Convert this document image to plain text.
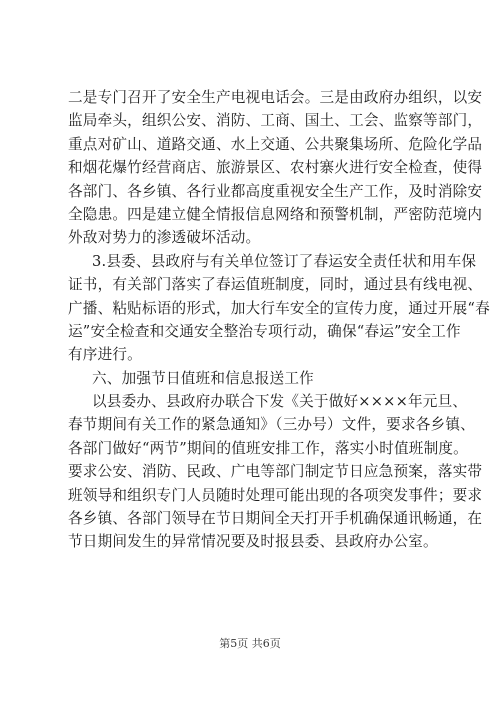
二是专门召开了安全生产电视电话会。三是由政府办组织，以安
监局牵头，组织公安、消防、工商、国土、工会、监察等部门，
重点对矿山、道路交通、水上交通、公共聚集场所、危险化学品
和烟花爆竹经营商店、旅游景区、农村寨火进行安全检查，使得
各部门、各乡镇、各行业都高度重视安全生产工作，及时消除安
全隐患。四是建立健全情报信息网络和预警机制，严密防范境内
外敌对势力的渗透破坏活动。
3.县委、县政府与有关单位签订了春运安全责任状和用车保
证书，有关部门落实了春运值班制度，同时，通过县有线电视、
广播、粘贴标语的形式，加大行车安全的宣传力度，通过开展“春
运”安全检查和交通安全整治专项行动，确保“春运”安全工作
有序进行。
六、加强节日值班和信息报送工作
以县委办、县政府办联合下发《关于做好××××年元旦、
春节期间有关工作的紧急通知》（三办号）文件，要求各乡镇、
各部门做好“两节”期间的值班安排工作，落实小时值班制度。
要求公安、消防、民政、广电等部门制定节日应急预案，落实带
班领导和组织专门人员随时处理可能出现的各项突发事件；要求
各乡镇、各部门领导在节日期间全天打开手机确保通讯畅通，在
节日期间发生的异常情况要及时报县委、县政府办公室。
第5页 共6页
